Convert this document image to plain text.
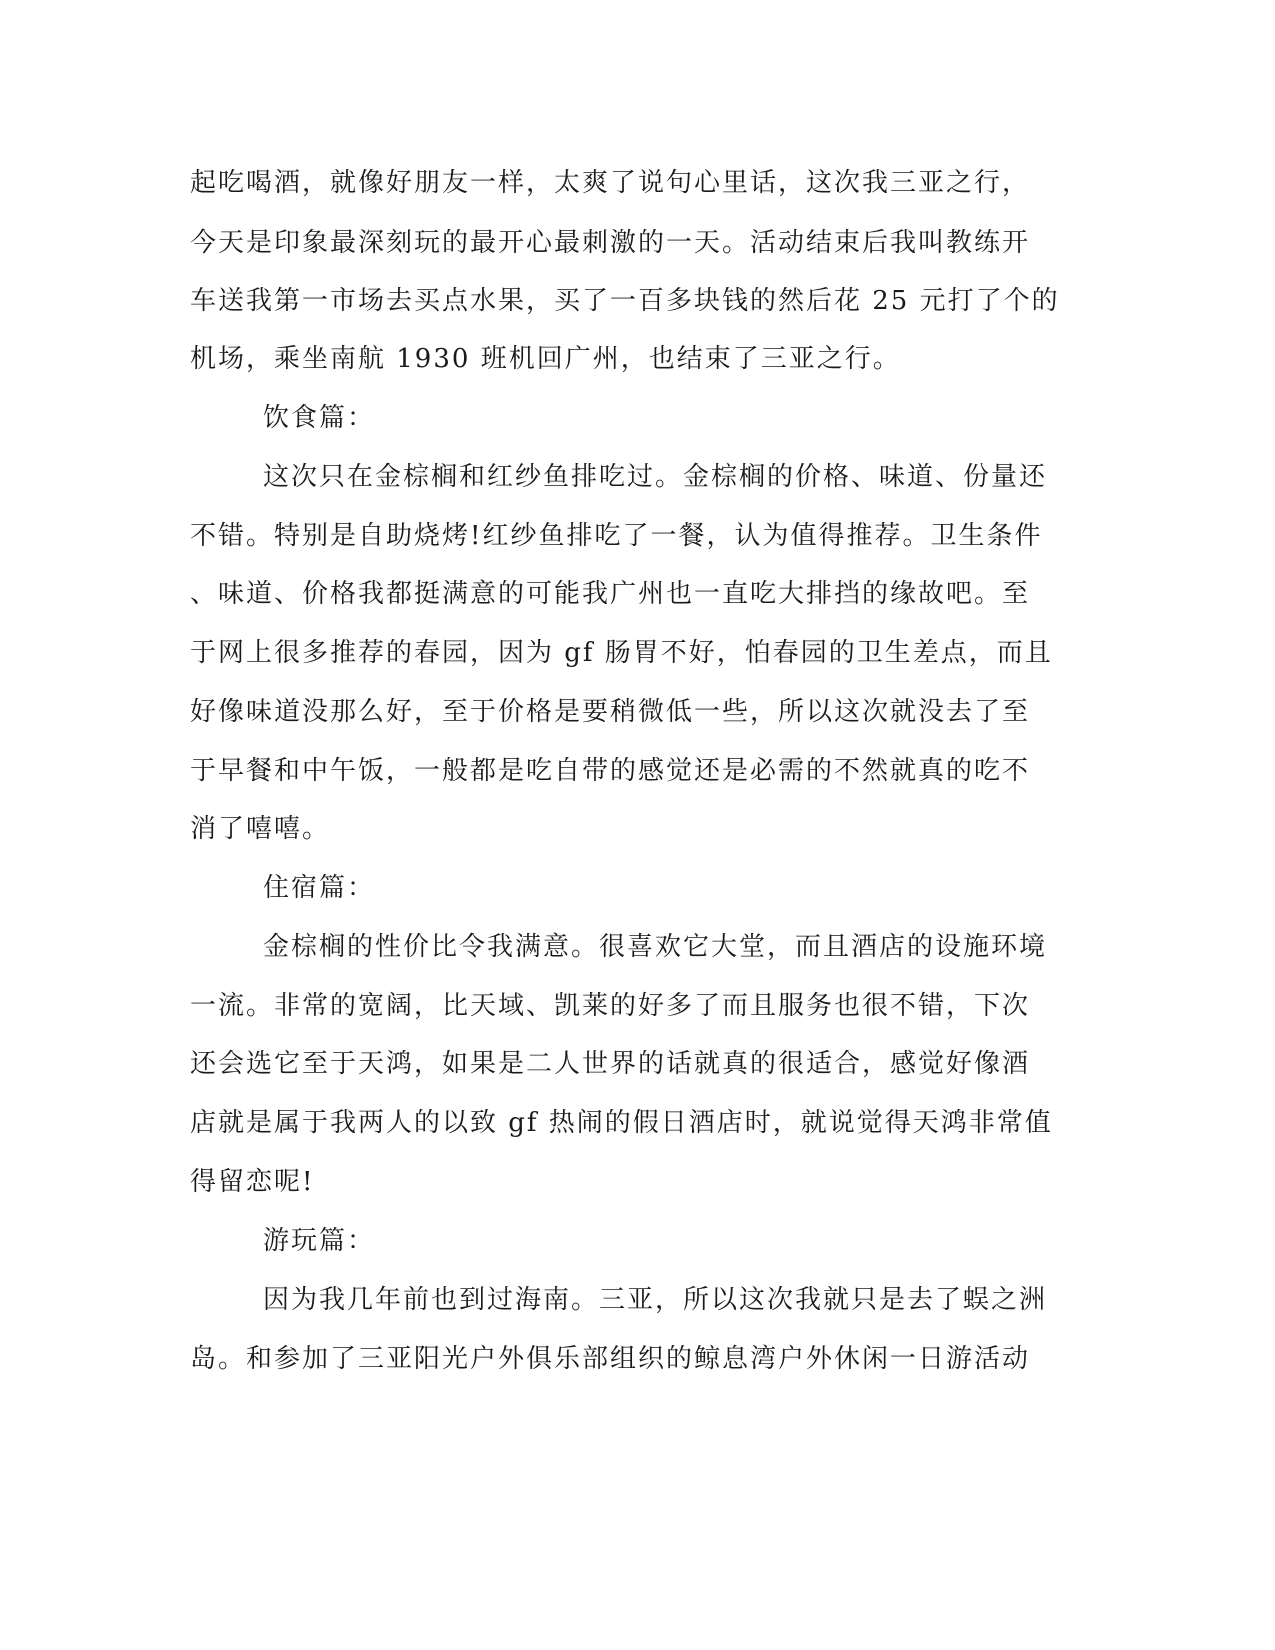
起吃喝酒，就像好朋友一样，太爽了说句心里话，这次我三亚之行，
今天是印象最深刻玩的最开心最刺激的一天。活动结束后我叫教练开
车送我第一市场去买点水果，买了一百多块钱的然后花 25 元打了个的
机场，乘坐南航 1930 班机回广州，也结束了三亚之行。
饮食篇：
这次只在金棕榈和红纱鱼排吃过。金棕榈的价格、味道、份量还
不错。特别是自助烧烤!红纱鱼排吃了一餐，认为值得推荐。卫生条件
、味道、价格我都挺满意的可能我广州也一直吃大排挡的缘故吧。至
于网上很多推荐的春园，因为 gf 肠胃不好，怕春园的卫生差点，而且
好像味道没那么好，至于价格是要稍微低一些，所以这次就没去了至
于早餐和中午饭，一般都是吃自带的感觉还是必需的不然就真的吃不
消了嘻嘻。
住宿篇：
金棕榈的性价比令我满意。很喜欢它大堂，而且酒店的设施环境
一流。非常的宽阔，比天域、凯莱的好多了而且服务也很不错，下次
还会选它至于天鸿，如果是二人世界的话就真的很适合，感觉好像酒
店就是属于我两人的以致 gf 热闹的假日酒店时，就说觉得天鸿非常值
得留恋呢!
游玩篇：
因为我几年前也到过海南。三亚，所以这次我就只是去了蜈之洲
岛。和参加了三亚阳光户外俱乐部组织的鲸息湾户外休闲一日游活动
